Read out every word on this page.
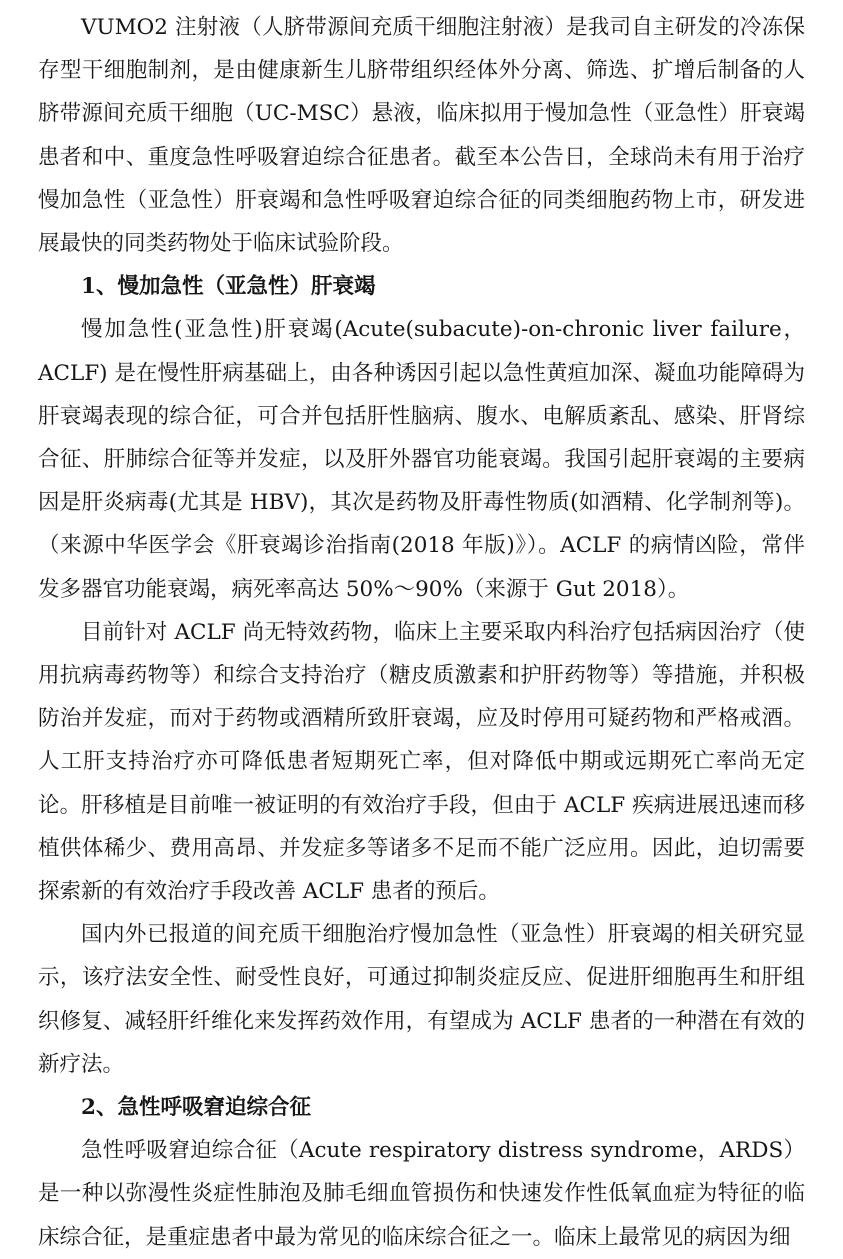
VUMO2 注射液（人脐带源间充质干细胞注射液）是我司自主研发的冷冻保存型干细胞制剂，是由健康新生儿脐带组织经体外分离、筛选、扩增后制备的人脐带源间充质干细胞（UC-MSC）悬液，临床拟用于慢加急性（亚急性）肝衰竭患者和中、重度急性呼吸窘迫综合征患者。截至本公告日，全球尚未有用于治疗慢加急性（亚急性）肝衰竭和急性呼吸窘迫综合征的同类细胞药物上市，研发进展最快的同类药物处于临床试验阶段。

1、慢加急性（亚急性）肝衰竭

慢加急性(亚急性)肝衰竭(Acute(subacute)-on-chronic liver failure，ACLF) 是在慢性肝病基础上，由各种诱因引起以急性黄疸加深、凝血功能障碍为肝衰竭表现的综合征，可合并包括肝性脑病、腹水、电解质紊乱、感染、肝肾综合征、肝肺综合征等并发症，以及肝外器官功能衰竭。我国引起肝衰竭的主要病因是肝炎病毒(尤其是 HBV)，其次是药物及肝毒性物质(如酒精、化学制剂等)。（来源中华医学会《肝衰竭诊治指南(2018 年版)》）。ACLF 的病情凶险，常伴发多器官功能衰竭，病死率高达 50%～90%（来源于 Gut 2018）。

目前针对 ACLF 尚无特效药物，临床上主要采取内科治疗包括病因治疗（使用抗病毒药物等）和综合支持治疗（糖皮质激素和护肝药物等）等措施，并积极防治并发症，而对于药物或酒精所致肝衰竭，应及时停用可疑药物和严格戒酒。人工肝支持治疗亦可降低患者短期死亡率，但对降低中期或远期死亡率尚无定论。肝移植是目前唯一被证明的有效治疗手段，但由于 ACLF 疾病进展迅速而移植供体稀少、费用高昂、并发症多等诸多不足而不能广泛应用。因此，迫切需要探索新的有效治疗手段改善 ACLF 患者的预后。

国内外已报道的间充质干细胞治疗慢加急性（亚急性）肝衰竭的相关研究显示，该疗法安全性、耐受性良好，可通过抑制炎症反应、促进肝细胞再生和肝组织修复、减轻肝纤维化来发挥药效作用，有望成为 ACLF 患者的一种潜在有效的新疗法。

2、急性呼吸窘迫综合征

急性呼吸窘迫综合征（Acute respiratory distress syndrome，ARDS）是一种以弥漫性炎症性肺泡及肺毛细血管损伤和快速发作性低氧血症为特征的临床综合征，是重症患者中最为常见的临床综合征之一。临床上最常见的病因为细
